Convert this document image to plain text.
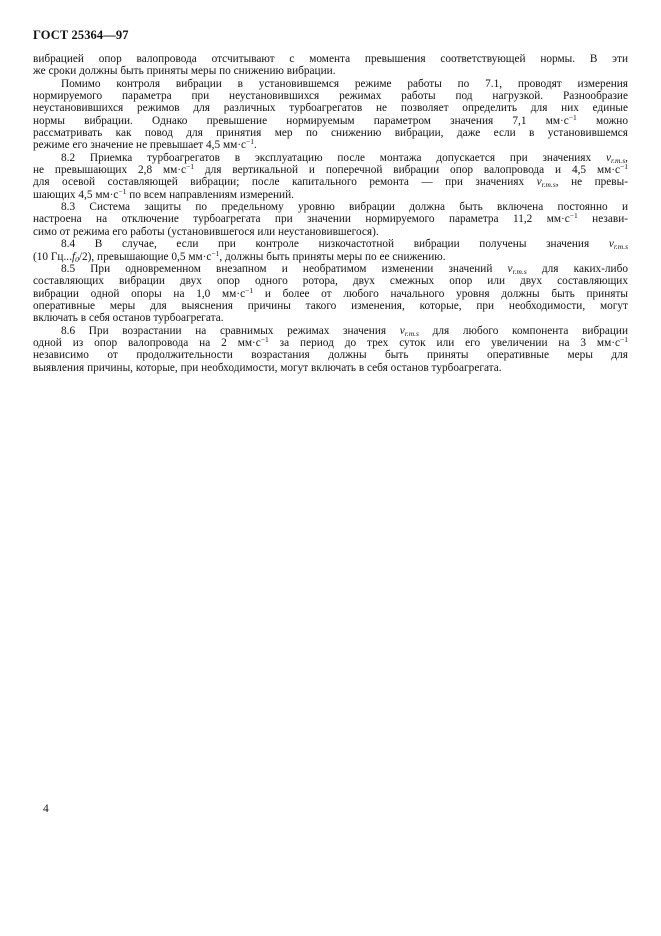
ГОСТ 25364—97
вибрацией опор валопровода отсчитывают с момента превышения соответствующей нормы. В эти
же сроки должны быть приняты меры по снижению вибрации.
Помимо контроля вибрации в установившемся режиме работы по 7.1, проводят измерения
нормируемого параметра при неустановившихся режимах работы под нагрузкой. Разнообразие
неустановившихся режимов для различных турбоагрегатов не позволяет определить для них единые
нормы вибрации. Однако превышение нормируемым параметром значения 7,1 $мм\cdot с^{-1}$ можно
рассматривать как повод для принятия мер по снижению вибрации, даже если в установившемся
режиме его значение не превышает 4,5 $мм\cdot с^{-1}$.
8.2 Приемка турбоагрегатов в эксплуатацию после монтажа допускается при значениях $v_{r.m.s}$,
не превышающих 2,8 $мм\cdot с^{-1}$ для вертикальной и поперечной вибрации опор валопровода и 4,5 $мм\cdot с^{-1}$
для осевой составляющей вибрации; после капитального ремонта — при значениях $v_{r.m.s}$, не превы-
шающих 4,5 $мм\cdot с^{-1}$ по всем направлениям измерений.
8.3 Система защиты по предельному уровню вибрации должна быть включена постоянно и
настроена на отключение турбоагрегата при значении нормируемого параметра 11,2 $мм\cdot с^{-1}$ незави-
симо от режима его работы (установившегося или неустановившегося).
8.4 В случае, если при контроле низкочастотной вибрации получены значения $v_{r.m.s}$
(10 $Гц...f_0/2$), превышающие 0,5 $мм\cdot с^{-1}$, должны быть приняты меры по ее снижению.
8.5 При одновременном внезапном и необратимом изменении значений $v_{r.m.s}$ для каких-либо
составляющих вибрации двух опор одного ротора, двух смежных опор или двух составляющих
вибрации одной опоры на 1,0 $мм\cdot с^{-1}$ и более от любого начального уровня должны быть приняты
оперативные меры для выяснения причины такого изменения, которые, при необходимости, могут
включать в себя останов турбоагрегата.
8.6 При возрастании на сравнимых режимах значения $v_{r.m.s}$ для любого компонента вибрации
одной из опор валопровода на 2 $мм\cdot с^{-1}$ за период до трех суток или его увеличении на 3 $мм\cdot с^{-1}$
независимо от продолжительности возрастания должны быть приняты оперативные меры для
выявления причины, которые, при необходимости, могут включать в себя останов турбоагрегата.
4
